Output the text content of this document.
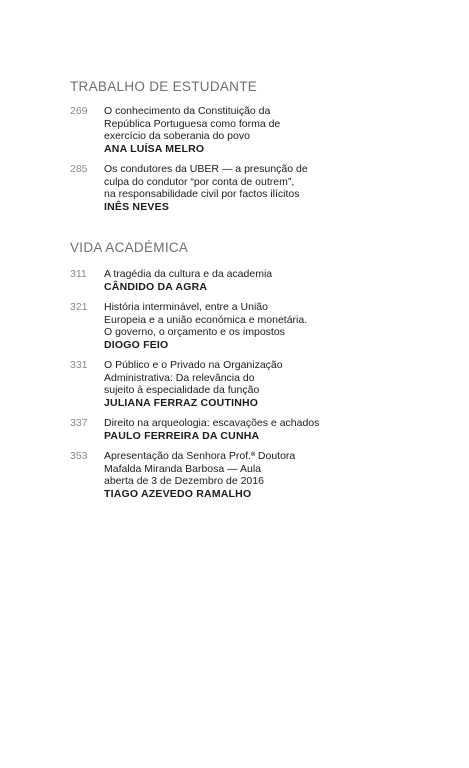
TRABALHO DE ESTUDANTE
269 O conhecimento da Constituição da
República Portuguesa como forma de
exercício da soberania do povo
ANA LUÍSA MELRO
285 Os condutores da UBER — a presunção de
culpa do condutor “por conta de outrem”,
na responsabilidade civil por factos ilícitos
INÊS NEVES
VIDA ACADÉMICA
311 A tragédia da cultura e da academia
CÂNDIDO DA AGRA
321 História interminável, entre a União
Europeia e a união económica e monetária.
O governo, o orçamento e os impostos
DIOGO FEIO
331 O Público e o Privado na Organização
Administrativa: Da relevância do
sujeito à especialidade da função
JULIANA FERRAZ COUTINHO
337 Direito na arqueologia: escavações e achados
PAULO FERREIRA DA CUNHA
353 Apresentação da Senhora Prof.ª Doutora
Mafalda Miranda Barbosa — Aula
aberta de 3 de Dezembro de 2016
TIAGO AZEVEDO RAMALHO
